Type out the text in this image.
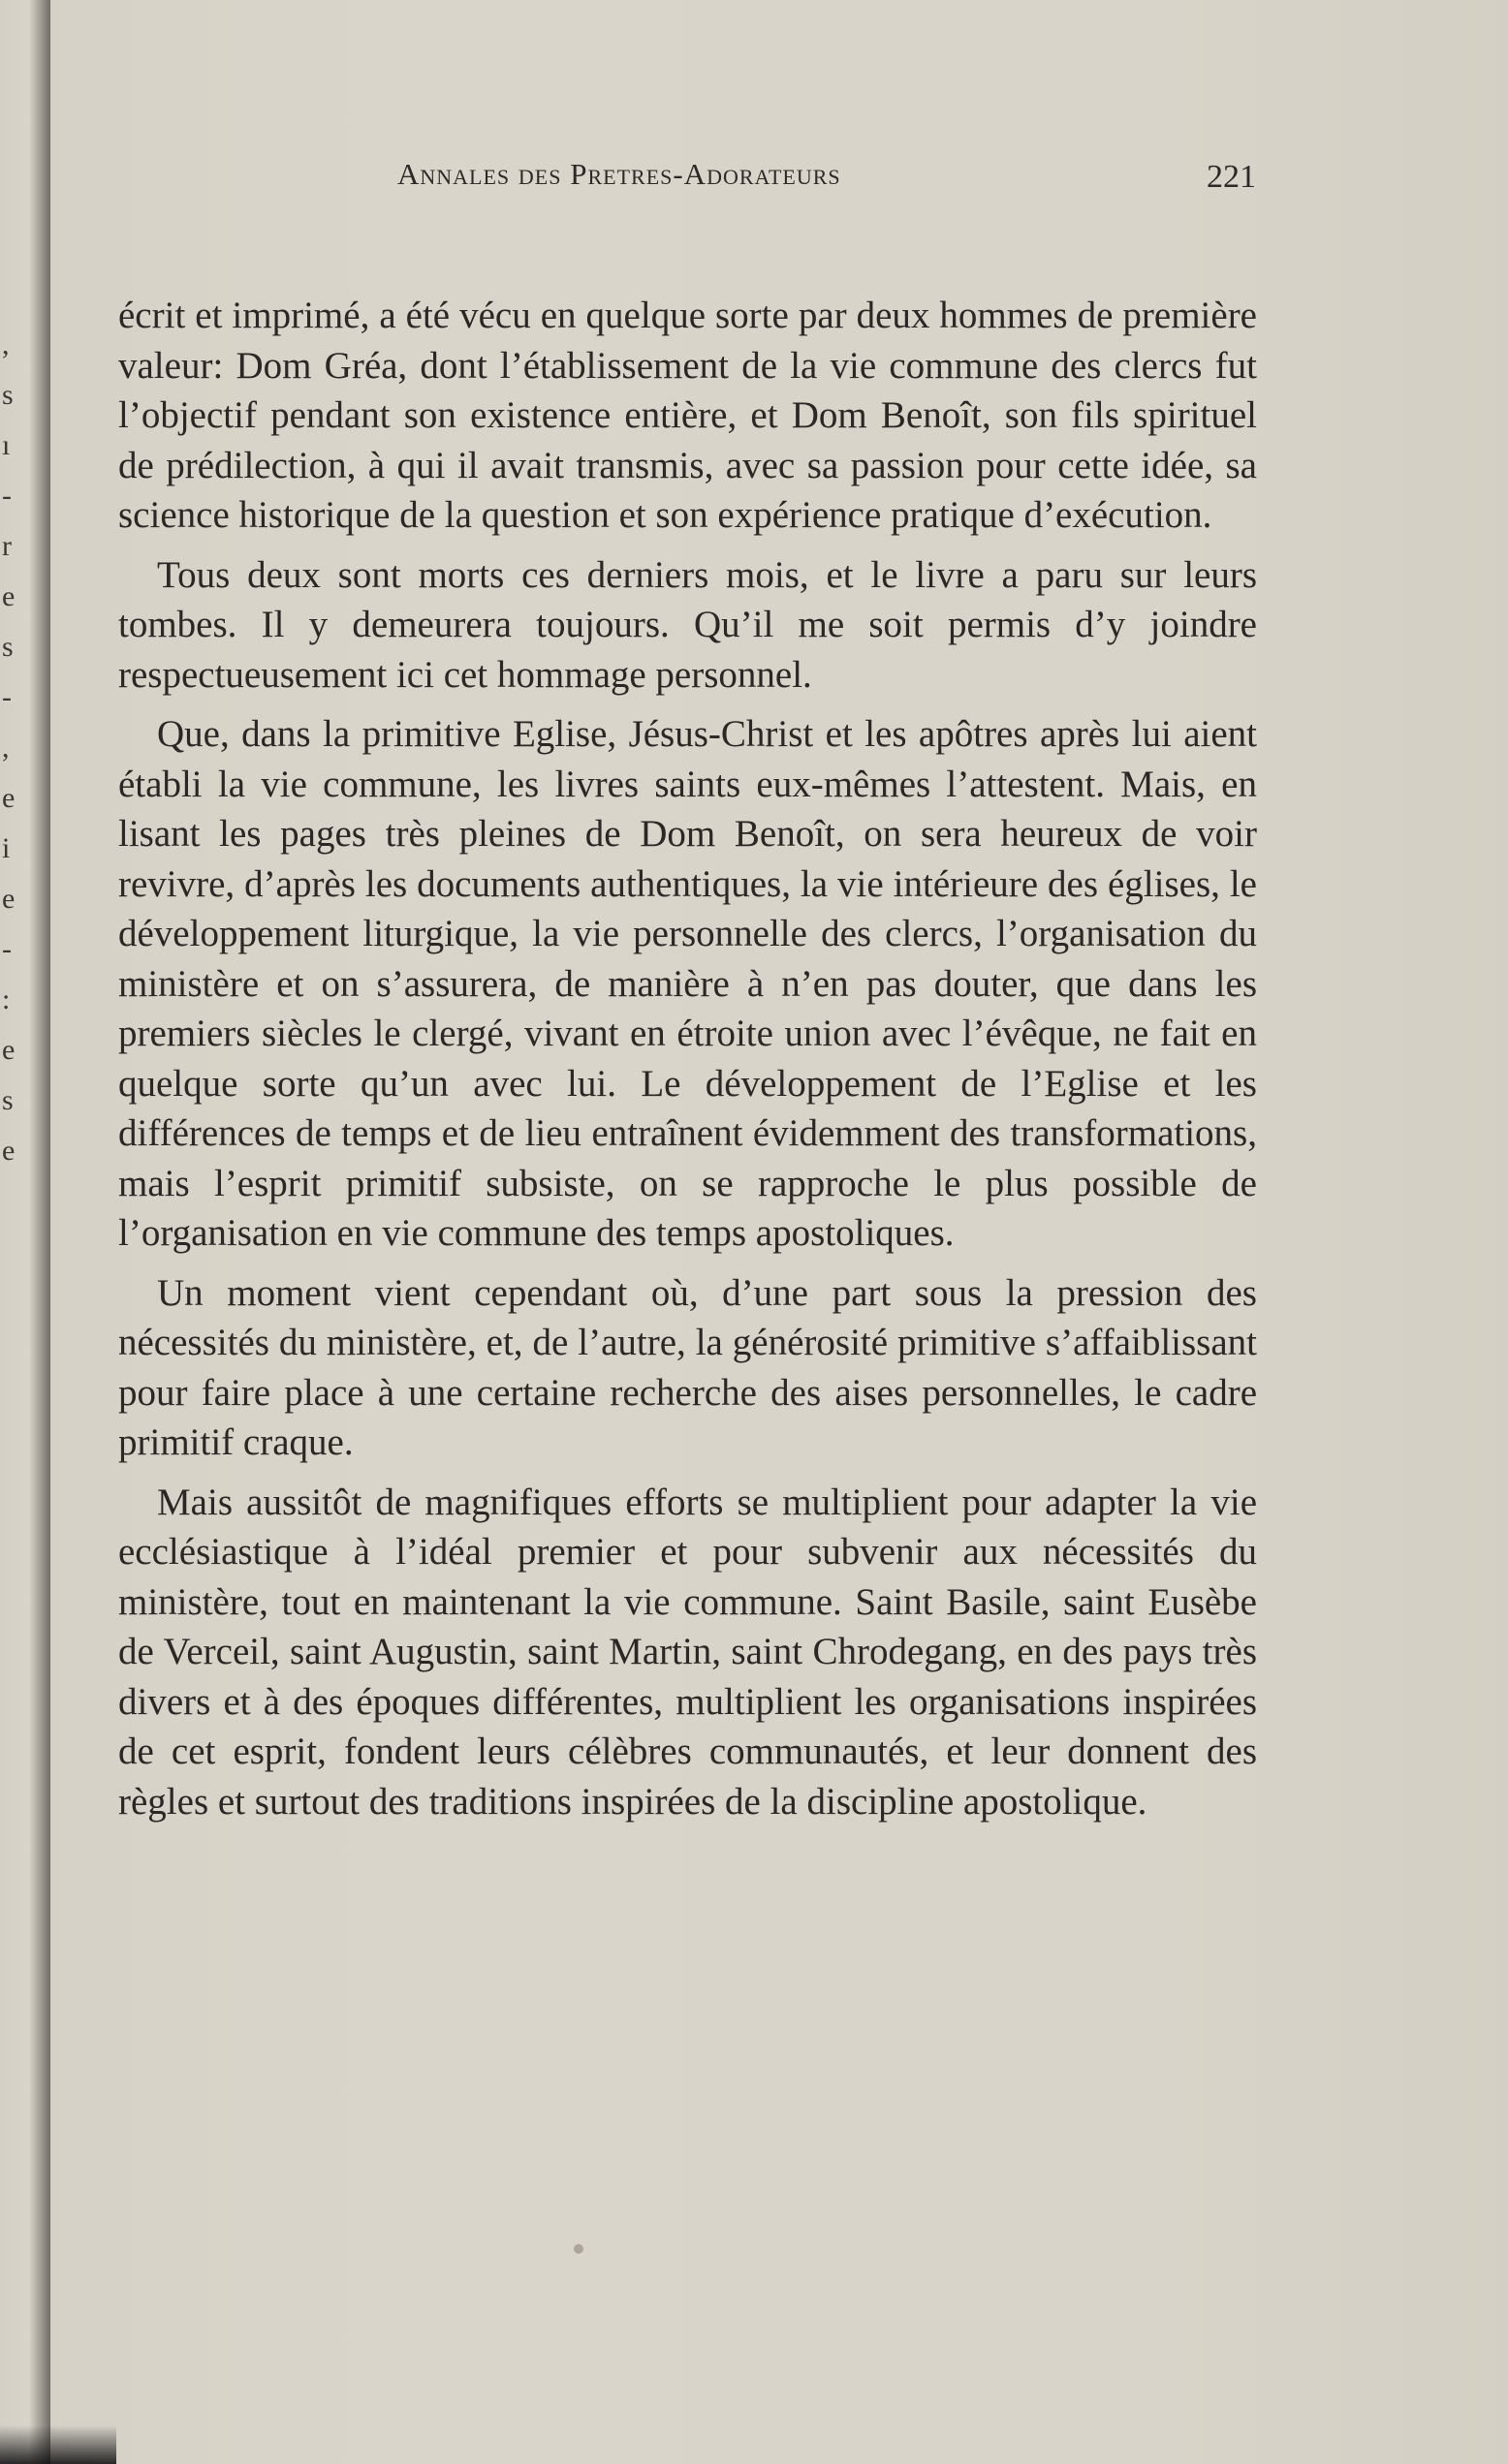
,
s
ı
-
r
e
s
-
,
e
i
e
-
:
e
s
e
Annales des Pretres-Adorateurs	221

écrit et imprimé, a été vécu en quelque sorte par deux hommes de première valeur: Dom Gréa, dont l’établissement de la vie commune des clercs fut l’objectif pendant son existence entière, et Dom Benoît, son fils spirituel de prédilection, à qui il avait transmis, avec sa passion pour cette idée, sa science historique de la question et son expérience pratique d’exécution.

Tous deux sont morts ces derniers mois, et le livre a paru sur leurs tombes. Il y demeurera toujours. Qu’il me soit permis d’y joindre respectueusement ici cet hommage personnel.

Que, dans la primitive Eglise, Jésus-Christ et les apôtres après lui aient établi la vie commune, les livres saints eux-mêmes l’attestent. Mais, en lisant les pages très pleines de Dom Benoît, on sera heureux de voir revivre, d’après les documents authentiques, la vie intérieure des églises, le développement liturgique, la vie personnelle des clercs, l’organisation du ministère et on s’assurera, de manière à n’en pas douter, que dans les premiers siècles le clergé, vivant en étroite union avec l’évêque, ne fait en quelque sorte qu’un avec lui. Le développement de l’Eglise et les différences de temps et de lieu entraînent évidemment des transformations, mais l’esprit primitif subsiste, on se rapproche le plus possible de l’organisation en vie commune des temps apostoliques.

Un moment vient cependant où, d’une part sous la pression des nécessités du ministère, et, de l’autre, la générosité primitive s’affaiblissant pour faire place à une certaine recherche des aises personnelles, le cadre primitif craque.

Mais aussitôt de magnifiques efforts se multiplient pour adapter la vie ecclésiastique à l’idéal premier et pour subvenir aux nécessités du ministère, tout en maintenant la vie commune. Saint Basile, saint Eusèbe de Verceil, saint Augustin, saint Martin, saint Chrodegang, en des pays très divers et à des époques différentes, multiplient les organisations inspirées de cet esprit, fondent leurs célèbres communautés, et leur donnent des règles et surtout des traditions inspirées de la discipline apostolique.
